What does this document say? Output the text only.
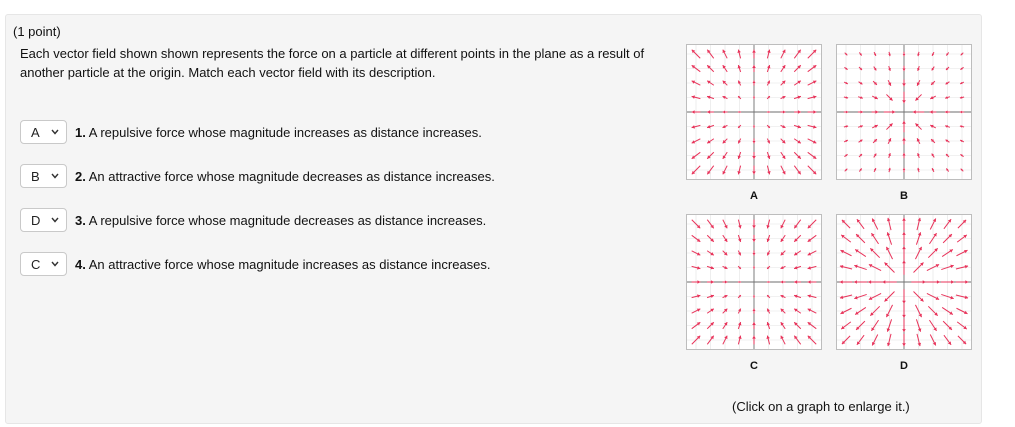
(1 point)
Each vector field shown shown represents the force on a particle at different points in the plane as a result of another particle at the origin. Match each vector field with its description.
A	1. A repulsive force whose magnitude increases as distance increases.
B	2. An attractive force whose magnitude decreases as distance increases.
D	3. A repulsive force whose magnitude decreases as distance increases.
C	4. An attractive force whose magnitude increases as distance increases.
A	B
C	D
(Click on a graph to enlarge it.)
